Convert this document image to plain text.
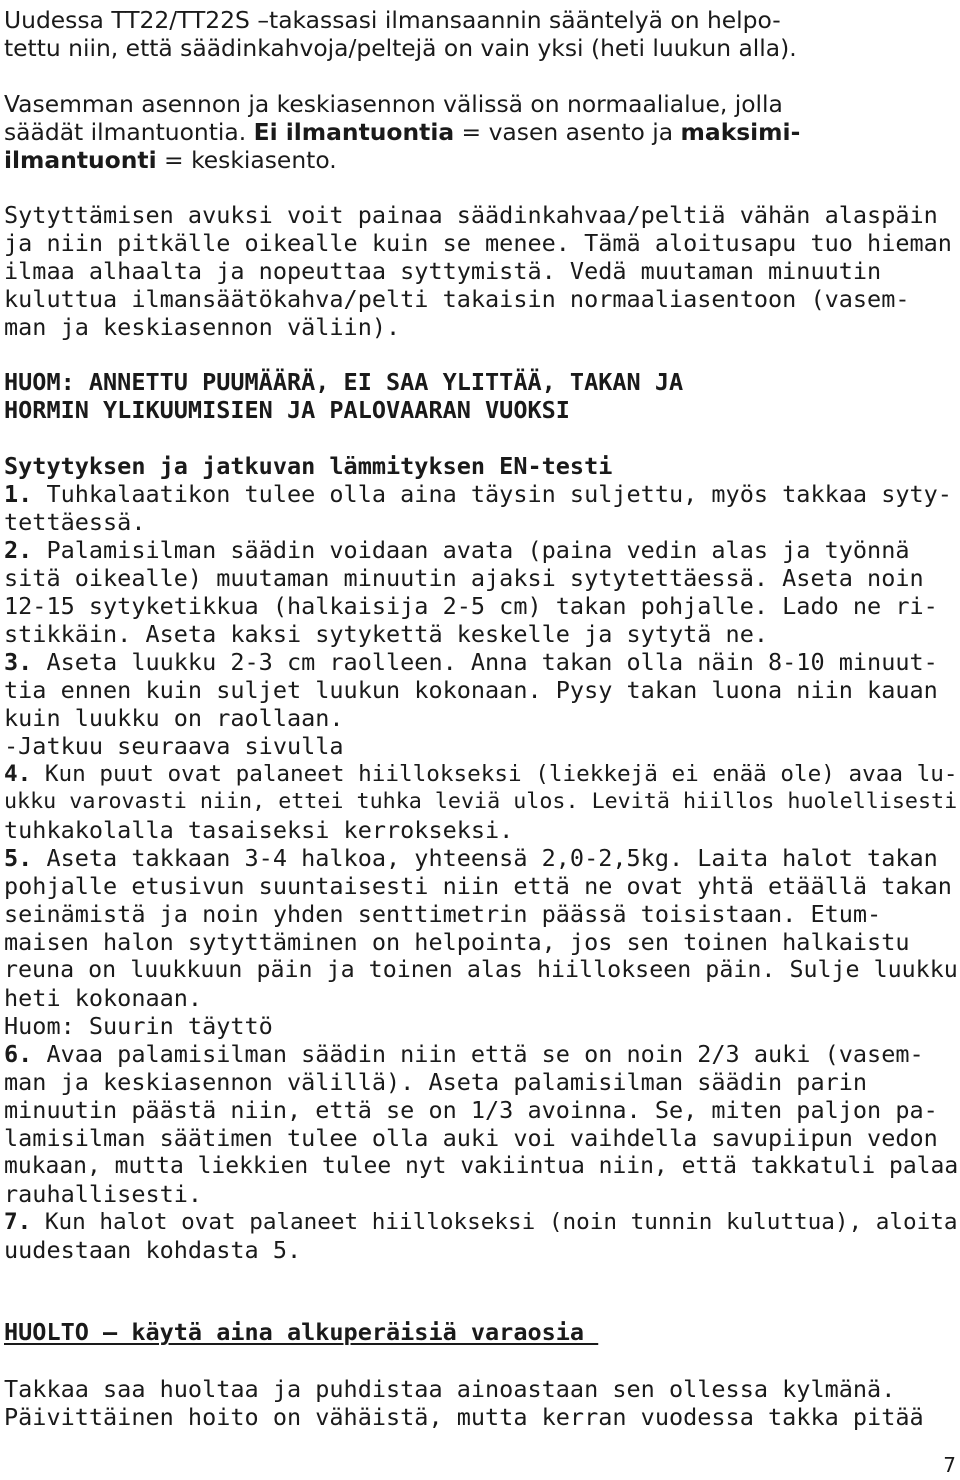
Uudessa TT22/TT22S –takassasi ilmansaannin sääntelyä on helpo-
tettu niin, että säädinkahvoja/peltejä on vain yksi (heti luukun alla).
Vasemman asennon ja keskiasennon välissä on normaalialue, jolla
säädät ilmantuontia. Ei ilmantuontia = vasen asento ja maksimi-
ilmantuonti = keskiasento.
Sytyttämisen avuksi voit painaa säädinkahvaa/peltiä vähän alaspäin
ja niin pitkälle oikealle kuin se menee. Tämä aloitusapu tuo hieman
ilmaa alhaalta ja nopeuttaa syttymistä. Vedä muutaman minuutin
kuluttua ilmansäätökahva/pelti takaisin normaaliasentoon (vasem-
man ja keskiasennon väliin).
HUOM: ANNETTU PUUMÄÄRÄ, EI SAA YLITTÄÄ, TAKAN JA
HORMIN YLIKUUMISIEN JA PALOVAARAN VUOKSI
Sytytyksen ja jatkuvan lämmityksen EN-testi
1. Tuhkalaatikon tulee olla aina täysin suljettu, myös takkaa syty-
tettäessä.
2. Palamisilman säädin voidaan avata (paina vedin alas ja työnnä
sitä oikealle) muutaman minuutin ajaksi sytytettäessä. Aseta noin
12-15 sytyketikkua (halkaisija 2-5 cm) takan pohjalle. Lado ne ri-
stikkäin. Aseta kaksi sytykettä keskelle ja sytytä ne.
3. Aseta luukku 2-3 cm raolleen. Anna takan olla näin 8-10 minuut-
tia ennen kuin suljet luukun kokonaan. Pysy takan luona niin kauan
kuin luukku on raollaan.
-Jatkuu seuraava sivulla
4. Kun puut ovat palaneet hiillokseksi (liekkejä ei enää ole) avaa lu-
ukku varovasti niin, ettei tuhka leviä ulos. Levitä hiillos huolellisesti
tuhkakolalla tasaiseksi kerrokseksi.
5. Aseta takkaan 3-4 halkoa, yhteensä 2,0-2,5kg. Laita halot takan
pohjalle etusivun suuntaisesti niin että ne ovat yhtä etäällä takan
seinämistä ja noin yhden senttimetrin päässä toisistaan. Etum-
maisen halon sytyttäminen on helpointa, jos sen toinen halkaistu
reuna on luukkuun päin ja toinen alas hiillokseen päin. Sulje luukku
heti kokonaan.
Huom: Suurin täyttö
6. Avaa palamisilman säädin niin että se on noin 2/3 auki (vasem-
man ja keskiasennon välillä). Aseta palamisilman säädin parin
minuutin päästä niin, että se on 1/3 avoinna. Se, miten paljon pa-
lamisilman säätimen tulee olla auki voi vaihdella savupiipun vedon
mukaan, mutta liekkien tulee nyt vakiintua niin, että takkatuli palaa
rauhallisesti.
7. Kun halot ovat palaneet hiillokseksi (noin tunnin kuluttua), aloita
uudestaan kohdasta 5.
HUOLTO – käytä aina alkuperäisiä varaosia
Takkaa saa huoltaa ja puhdistaa ainoastaan sen ollessa kylmänä.
Päivittäinen hoito on vähäistä, mutta kerran vuodessa takka pitää
7
